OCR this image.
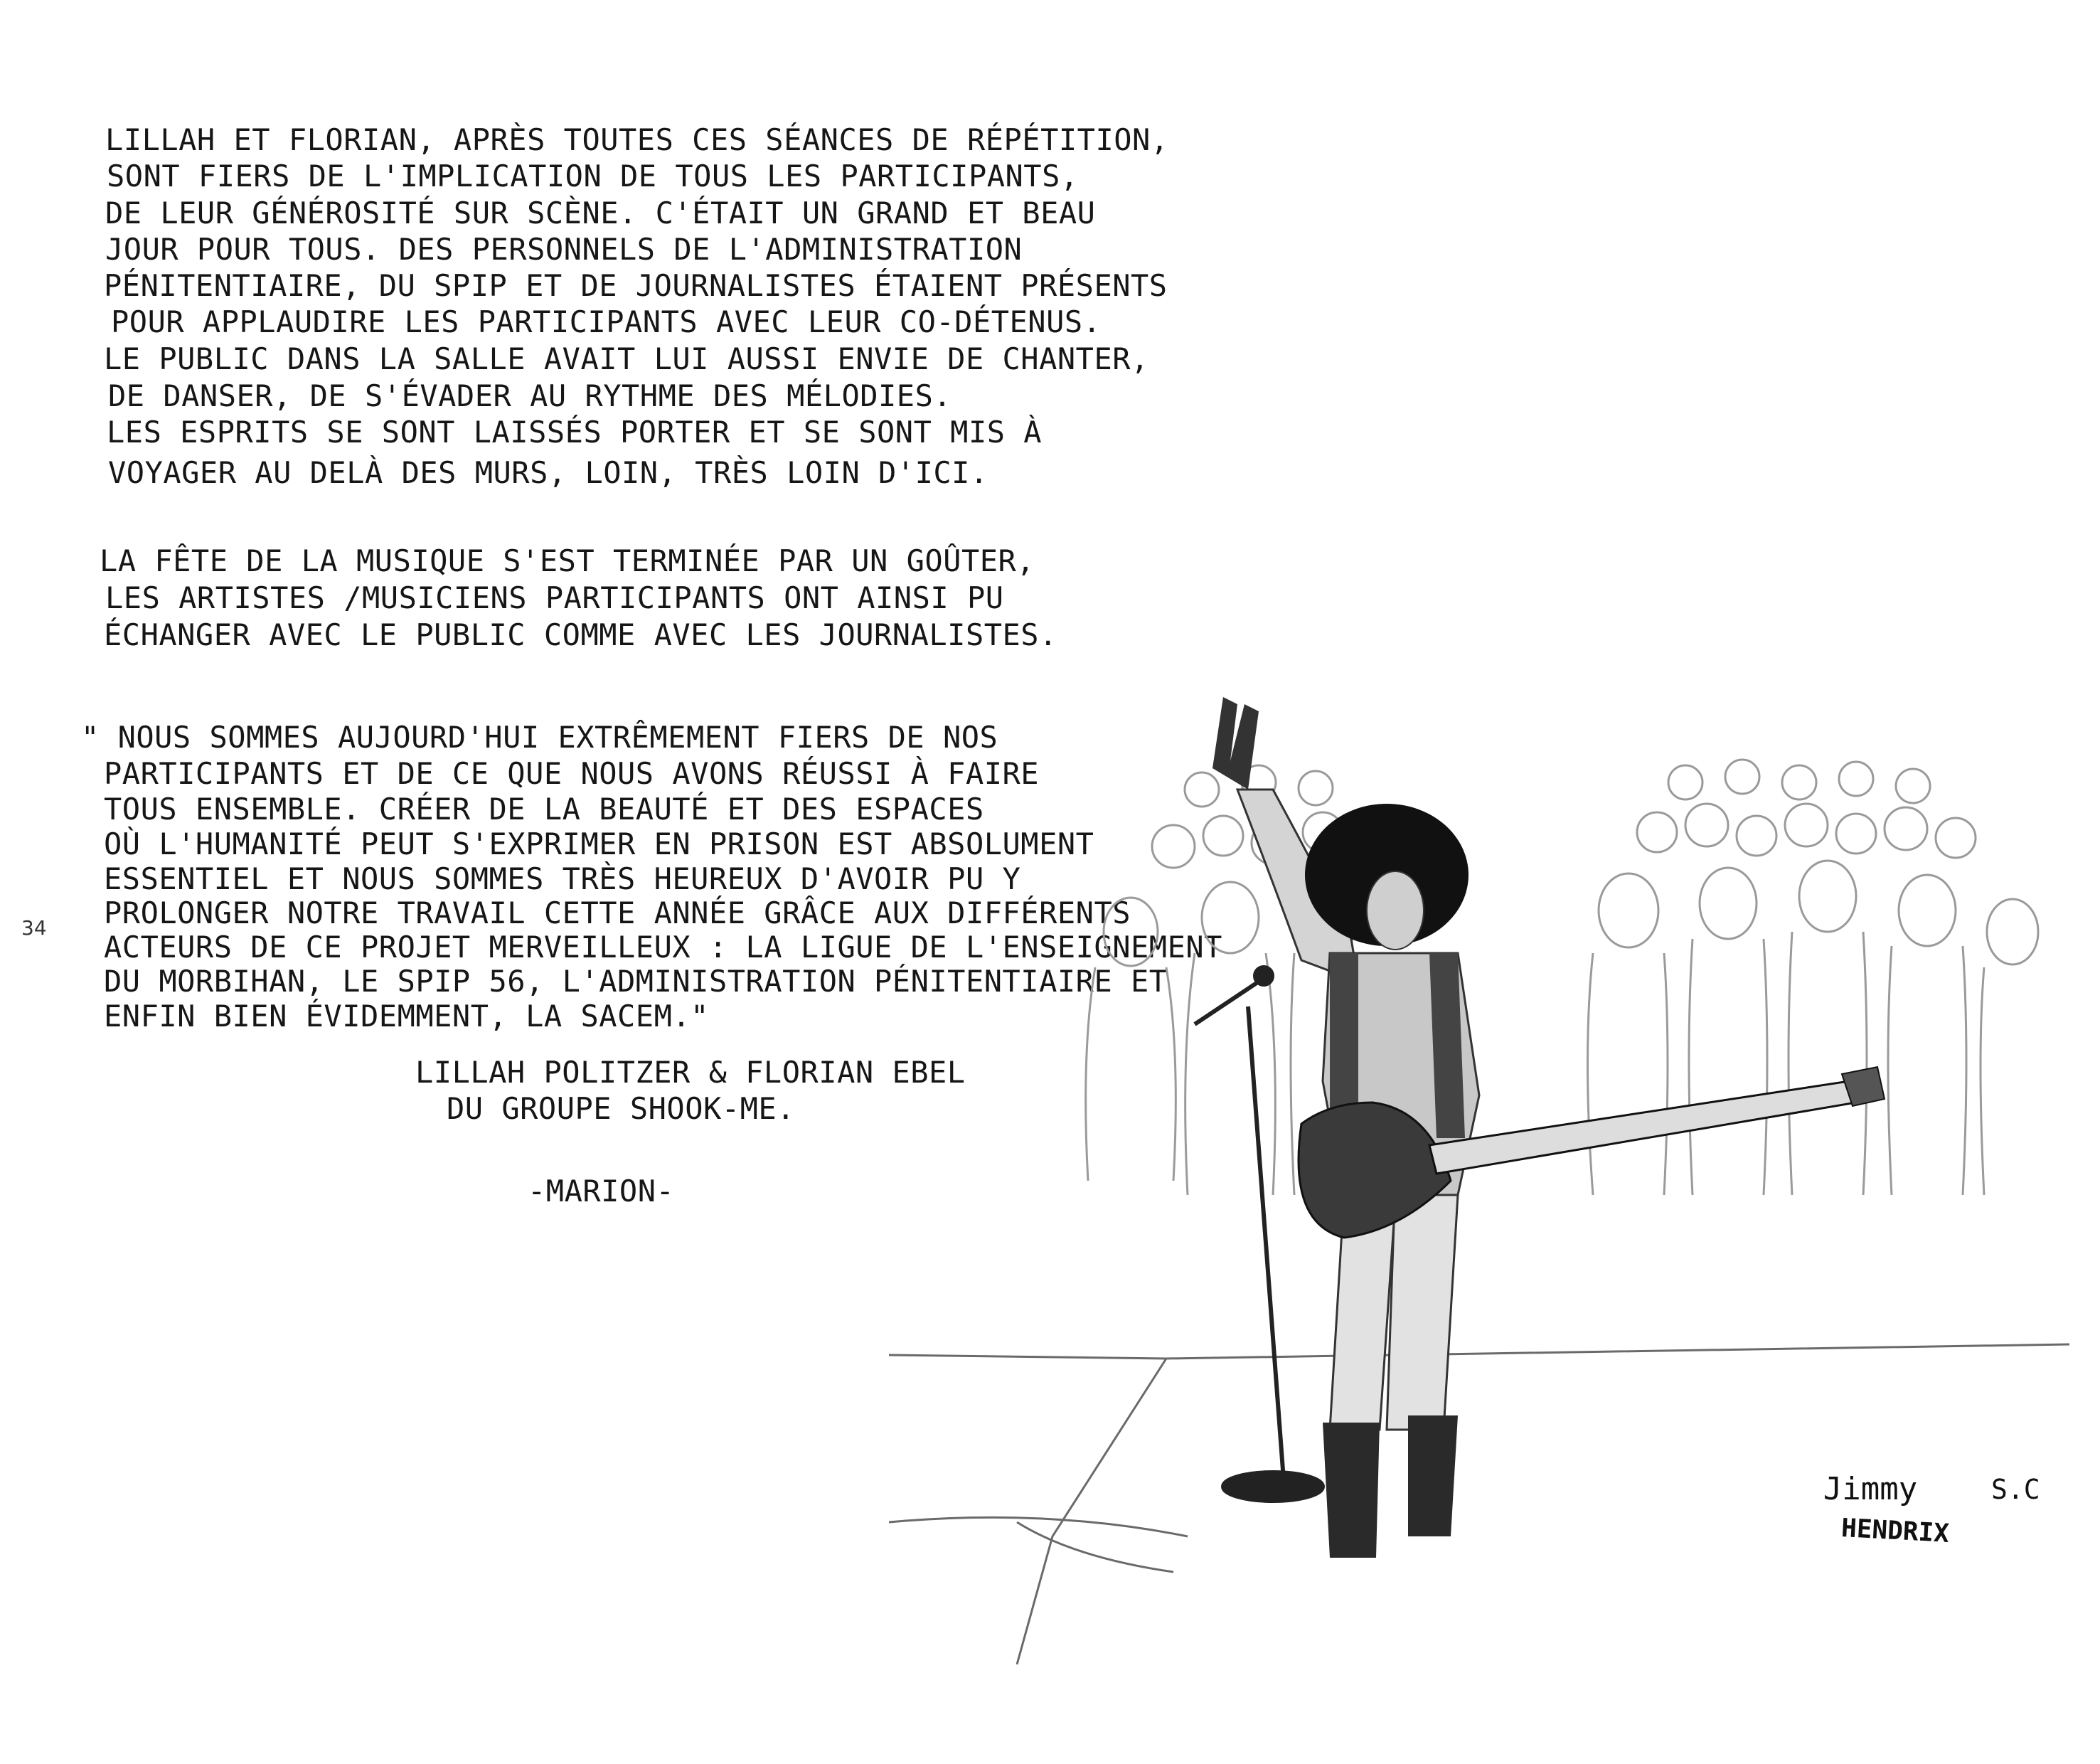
34

LILLAH ET FLORIAN, APRÈS TOUTES CES SÉANCES DE RÉPÉTITION,

SONT FIERS DE L'IMPLICATION DE TOUS LES PARTICIPANTS,

DE LEUR GÉNÉROSITÉ SUR SCÈNE. C'ÉTAIT UN GRAND ET BEAU

JOUR POUR TOUS. DES PERSONNELS DE L'ADMINISTRATION

PÉNITENTIAIRE, DU SPIP ET DE JOURNALISTES ÉTAIENT PRÉSENTS

POUR APPLAUDIRE LES PARTICIPANTS AVEC LEUR CO-DÉTENUS.

LE PUBLIC DANS LA SALLE AVAIT LUI AUSSI ENVIE DE CHANTER,

DE DANSER, DE S'ÉVADER AU RYTHME DES MÉLODIES.

LES ESPRITS SE SONT LAISSÉS PORTER ET SE SONT MIS À

VOYAGER AU DELÀ DES MURS, LOIN, TRÈS LOIN D'ICI.

LA FÊTE DE LA MUSIQUE S'EST TERMINÉE PAR UN GOÛTER,

LES ARTISTES /MUSICIENS PARTICIPANTS ONT AINSI PU

ÉCHANGER AVEC LE PUBLIC COMME AVEC LES JOURNALISTES.

" NOUS SOMMES AUJOURD'HUI EXTRÊMEMENT FIERS DE NOS

PARTICIPANTS ET DE CE QUE NOUS AVONS RÉUSSI À FAIRE

TOUS ENSEMBLE. CRÉER DE LA BEAUTÉ ET DES ESPACES

OÙ L'HUMANITÉ PEUT S'EXPRIMER EN PRISON EST ABSOLUMENT

ESSENTIEL ET NOUS SOMMES TRÈS HEUREUX D'AVOIR PU Y

PROLONGER NOTRE TRAVAIL CETTE ANNÉE GRÂCE AUX DIFFÉRENTS

ACTEURS DE CE PROJET MERVEILLEUX : LA LIGUE DE L'ENSEIGNEMENT

DU MORBIHAN, LE SPIP 56, L'ADMINISTRATION PÉNITENTIAIRE ET

ENFIN BIEN ÉVIDEMMENT, LA SACEM."

LILLAH POLITZER & FLORIAN EBEL

DU GROUPE SHOOK-ME.

-MARION-

Jimmy
HENDRIX
S.C
